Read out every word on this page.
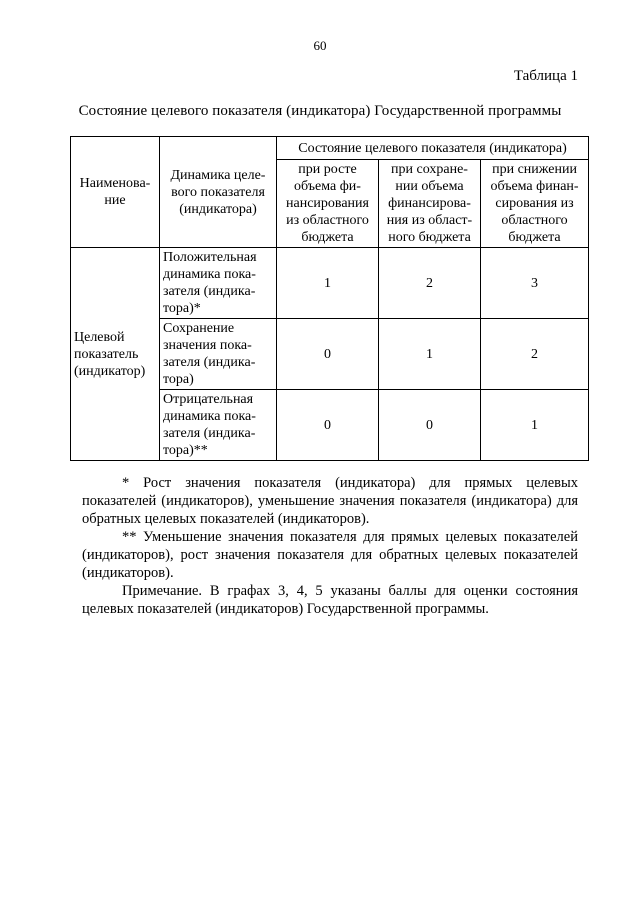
60
Таблица 1
Состояние целевого показателя (индикатора) Государственной программы
Наименова-
ние	Динамика целе-
вого показателя
(индикатора)	Состояние целевого показателя (индикатора)		

		при росте
объема фи-
нансирования
из областного
бюджета	при сохране-
нии объема
финансирова-
ния из област-
ного бюджета	при снижении
объема финан-
сирования из
областного
бюджета

Целевой
показатель
(индикатор)	Положительная
динамика пока-
зателя (индика-
тора)*	1	2	3

	Сохранение
значения пока-
зателя (индика-
тора)	0	1	2

	Отрицательная
динамика пока-
зателя (индика-
тора)**	0	0	1

* Рост значения показателя (индикатора) для прямых целевых показателей (индикаторов), уменьшение значения показателя (индикатора) для обратных целевых показателей (индикаторов).

** Уменьшение значения показателя для прямых целевых показателей (индикаторов), рост значения показателя для обратных целевых показателей (индикаторов).

Примечание. В графах 3, 4, 5 указаны баллы для оценки состояния целевых показателей (индикаторов) Государственной программы.
